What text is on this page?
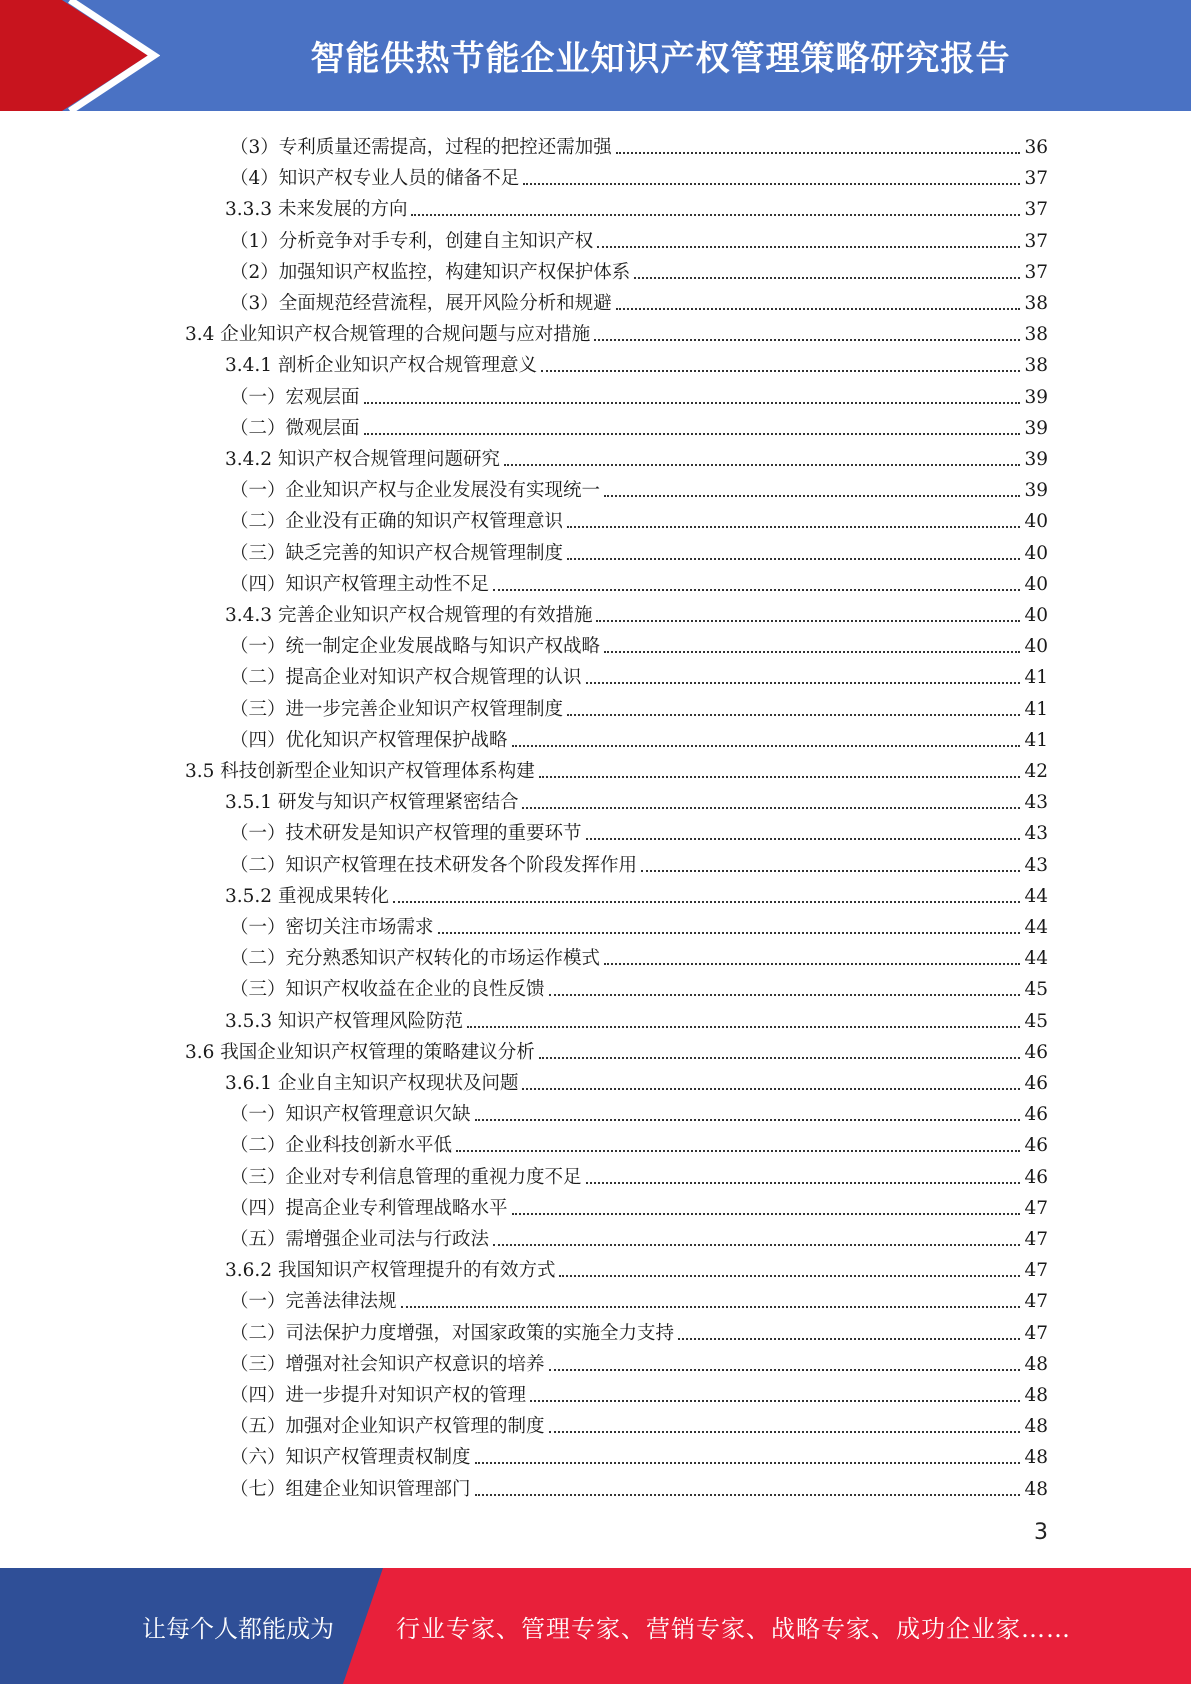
智能供热节能企业知识产权管理策略研究报告
（3）专利质量还需提高，过程的把控还需加强	36
（4）知识产权专业人员的储备不足	37
3.3.3 未来发展的方向	37
（1）分析竞争对手专利，创建自主知识产权	37
（2）加强知识产权监控，构建知识产权保护体系	37
（3）全面规范经营流程，展开风险分析和规避	38
3.4 企业知识产权合规管理的合规问题与应对措施	38
3.4.1 剖析企业知识产权合规管理意义	38
（一）宏观层面	39
（二）微观层面	39
3.4.2 知识产权合规管理问题研究	39
（一）企业知识产权与企业发展没有实现统一	39
（二）企业没有正确的知识产权管理意识	40
（三）缺乏完善的知识产权合规管理制度	40
（四）知识产权管理主动性不足	40
3.4.3 完善企业知识产权合规管理的有效措施	40
（一）统一制定企业发展战略与知识产权战略	40
（二）提高企业对知识产权合规管理的认识	41
（三）进一步完善企业知识产权管理制度	41
（四）优化知识产权管理保护战略	41
3.5 科技创新型企业知识产权管理体系构建	42
3.5.1 研发与知识产权管理紧密结合	43
（一）技术研发是知识产权管理的重要环节	43
（二）知识产权管理在技术研发各个阶段发挥作用	43
3.5.2 重视成果转化	44
（一）密切关注市场需求	44
（二）充分熟悉知识产权转化的市场运作模式	44
（三）知识产权收益在企业的良性反馈	45
3.5.3 知识产权管理风险防范	45
3.6 我国企业知识产权管理的策略建议分析	46
3.6.1 企业自主知识产权现状及问题	46
（一）知识产权管理意识欠缺	46
（二）企业科技创新水平低	46
（三）企业对专利信息管理的重视力度不足	46
（四）提高企业专利管理战略水平	47
（五）需增强企业司法与行政法	47
3.6.2 我国知识产权管理提升的有效方式	47
（一）完善法律法规	47
（二）司法保护力度增强，对国家政策的实施全力支持	47
（三）增强对社会知识产权意识的培养	48
（四）进一步提升对知识产权的管理	48
（五）加强对企业知识产权管理的制度	48
（六）知识产权管理责权制度	48
（七）组建企业知识管理部门	48
3
让每个人都能成为	行业专家、管理专家、营销专家、战略专家、成功企业家……
